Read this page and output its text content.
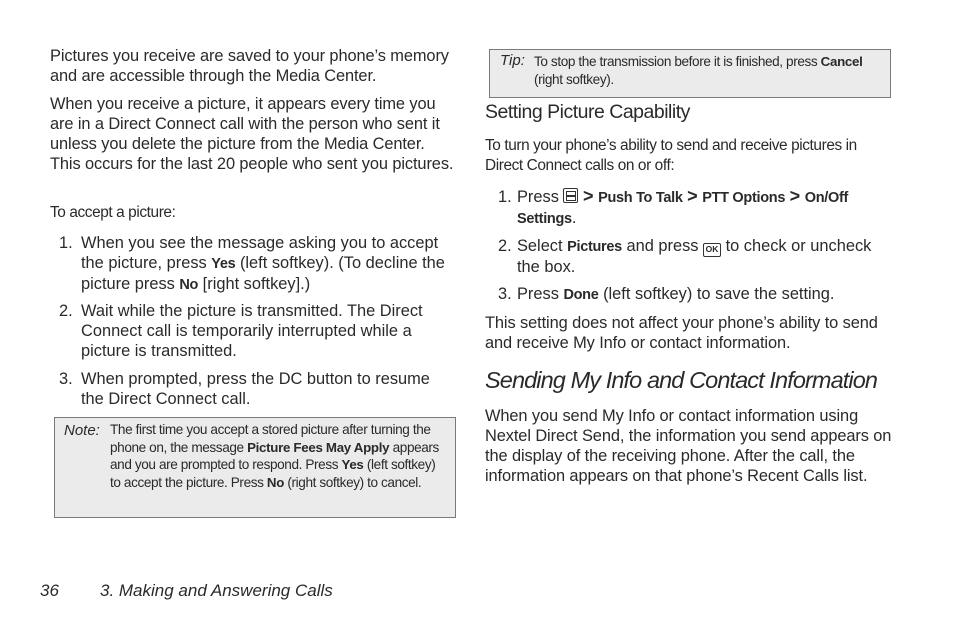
Pictures you receive are saved to your phone’s memory and are accessible through the Media Center.

When you receive a picture, it appears every time you are in a Direct Connect call with the person who sent it unless you delete the picture from the Media Center. This occurs for the last 20 people who sent you pictures.

To accept a picture:

1. When you see the message asking you to accept the picture, press Yes (left softkey). (To decline the picture press No [right softkey].)
2. Wait while the picture is transmitted. The Direct Connect call is temporarily interrupted while a picture is transmitted.
3. When prompted, press the DC button to resume the Direct Connect call.
Note: The first time you accept a stored picture after turning the phone on, the message Picture Fees May Apply appears and you are prompted to respond. Press Yes (left softkey) to accept the picture. Press No (right softkey) to cancel.
Tip: To stop the transmission before it is finished, press Cancel (right softkey).
Setting Picture Capability

To turn your phone’s ability to send and receive pictures in Direct Connect calls on or off:

1. Press  > Push To Talk > PTT Options > On/Off Settings.
2. Select Pictures and press OK to check or uncheck the box.
3. Press Done (left softkey) to save the setting.

This setting does not affect your phone’s ability to send and receive My Info or contact information.

Sending My Info and Contact Information

When you send My Info or contact information using Nextel Direct Send, the information you send appears on the display of the receiving phone. After the call, the information appears on that phone’s Recent Calls list.

36 3. Making and Answering Calls
